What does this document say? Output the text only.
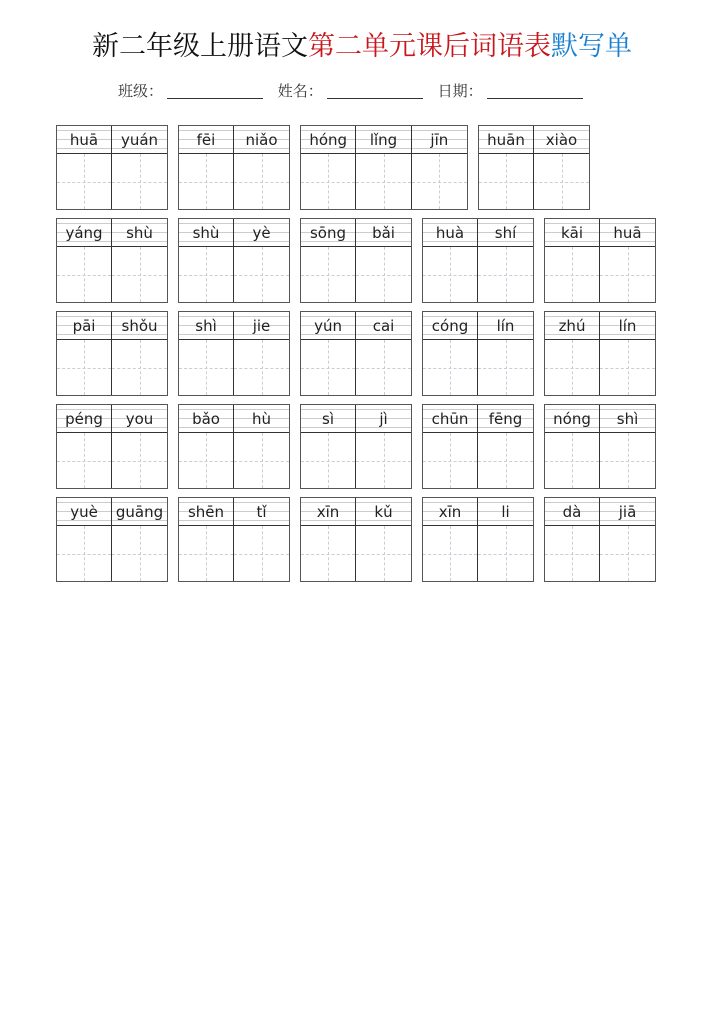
新二年级上册语文第二单元课后词语表默写单
班级：	姓名：	日期：
huā	yuán	fēi	niǎo	hóng	lǐng	jīn	huān	xiào
yáng	shù	shù	yè	sōng	bǎi	huà	shí	kāi	huā
pāi	shǒu	shì	jie	yún	cai	cóng	lín	zhú	lín
péng	you	bǎo	hù	sì	jì	chūn	fēng	nóng	shì
yuè	guāng	shēn	tǐ	xīn	kǔ	xīn	li	dà	jiā
